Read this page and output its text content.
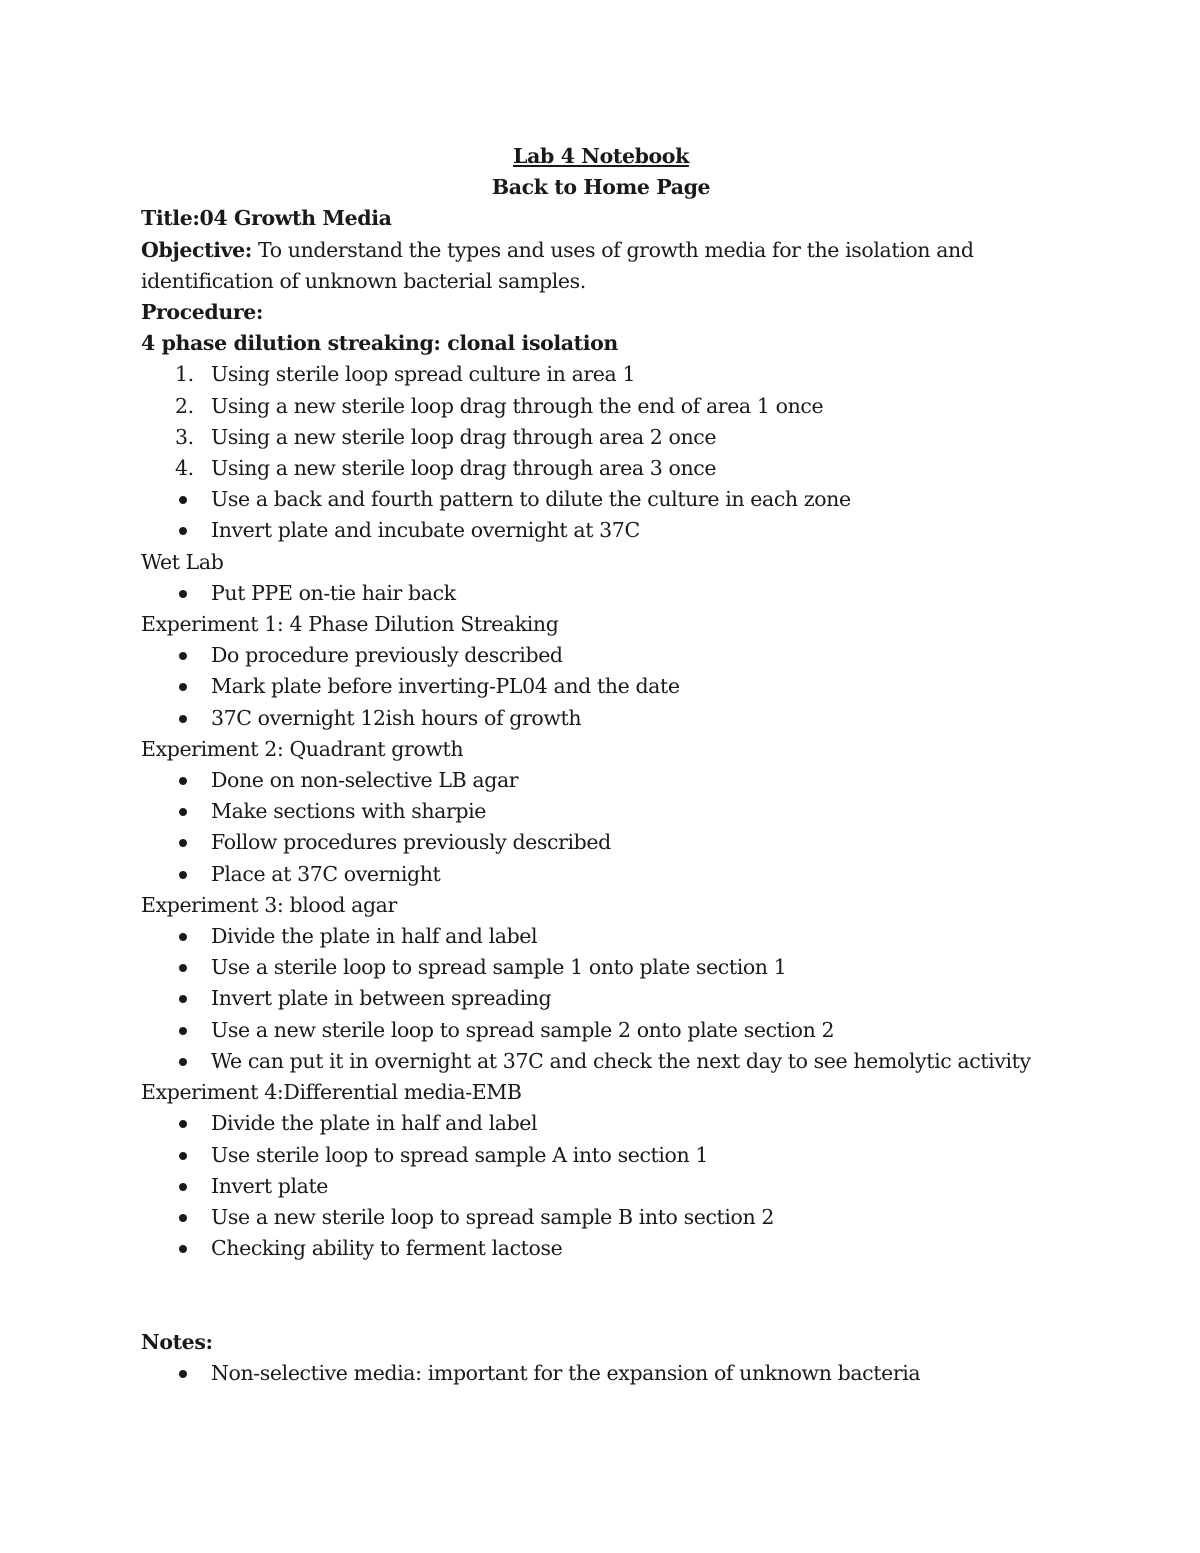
Lab 4 Notebook

Back to Home Page

Title:04 Growth Media

Objective: To understand the types and uses of growth media for the isolation and identification of unknown bacterial samples.

Procedure:

4 phase dilution streaking: clonal isolation

1. Using sterile loop spread culture in area 1
2. Using a new sterile loop drag through the end of area 1 once
3. Using a new sterile loop drag through area 2 once
4. Using a new sterile loop drag through area 3 once
Use a back and fourth pattern to dilute the culture in each zone
Invert plate and incubate overnight at 37C

Wet Lab

Put PPE on-tie hair back

Experiment 1: 4 Phase Dilution Streaking

Do procedure previously described
Mark plate before inverting-PL04 and the date
37C overnight 12ish hours of growth

Experiment 2: Quadrant growth

Done on non-selective LB agar
Make sections with sharpie
Follow procedures previously described
Place at 37C overnight

Experiment 3: blood agar

Divide the plate in half and label
Use a sterile loop to spread sample 1 onto plate section 1
Invert plate in between spreading
Use a new sterile loop to spread sample 2 onto plate section 2
We can put it in overnight at 37C and check the next day to see hemolytic activity

Experiment 4:Differential media-EMB

Divide the plate in half and label
Use sterile loop to spread sample A into section 1
Invert plate
Use a new sterile loop to spread sample B into section 2
Checking ability to ferment lactose

Notes:

Non-selective media: important for the expansion of unknown bacteria
